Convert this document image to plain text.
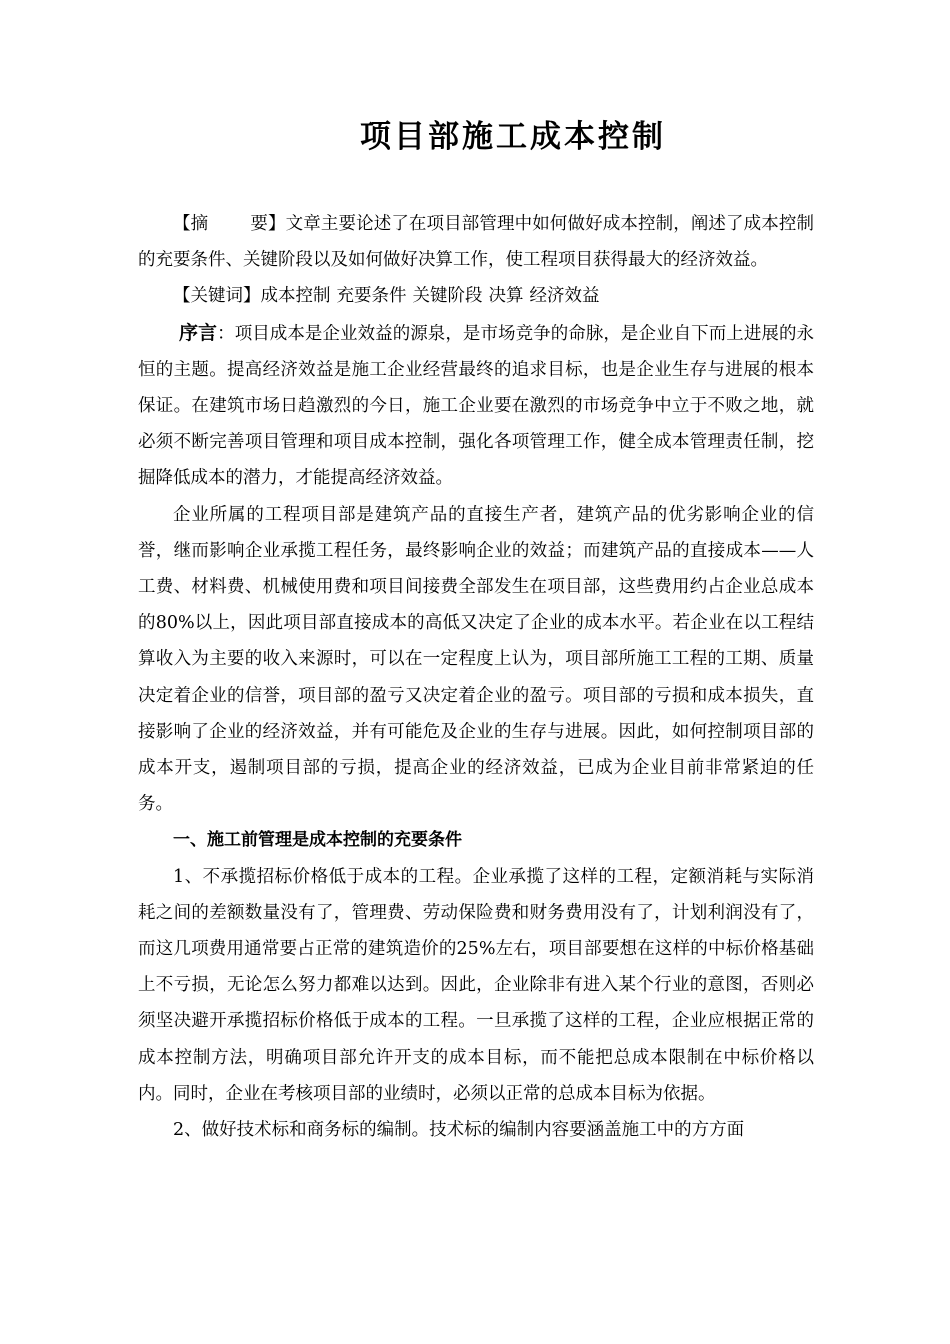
项目部施工成本控制

【摘 要】文章主要论述了在项目部管理中如何做好成本控制，阐述了成本控制的充要条件、关键阶段以及如何做好决算工作，使工程项目获得最大的经济效益。

【关键词】成本控制 充要条件 关键阶段 决算 经济效益

序言：项目成本是企业效益的源泉，是市场竞争的命脉，是企业自下而上进展的永恒的主题。提高经济效益是施工企业经营最终的追求目标，也是企业生存与进展的根本保证。在建筑市场日趋激烈的今日，施工企业要在激烈的市场竞争中立于不败之地，就必须不断完善项目管理和项目成本控制，强化各项管理工作，健全成本管理责任制，挖掘降低成本的潜力，才能提高经济效益。

企业所属的工程项目部是建筑产品的直接生产者，建筑产品的优劣影响企业的信誉，继而影响企业承揽工程任务，最终影响企业的效益；而建筑产品的直接成本——人工费、材料费、机械使用费和项目间接费全部发生在项目部，这些费用约占企业总成本的80%以上，因此项目部直接成本的高低又决定了企业的成本水平。若企业在以工程结算收入为主要的收入来源时，可以在一定程度上认为，项目部所施工工程的工期、质量决定着企业的信誉，项目部的盈亏又决定着企业的盈亏。项目部的亏损和成本损失，直接影响了企业的经济效益，并有可能危及企业的生存与进展。因此，如何控制项目部的成本开支，遏制项目部的亏损，提高企业的经济效益，已成为企业目前非常紧迫的任务。

一、施工前管理是成本控制的充要条件

1、不承揽招标价格低于成本的工程。企业承揽了这样的工程，定额消耗与实际消耗之间的差额数量没有了，管理费、劳动保险费和财务费用没有了，计划利润没有了，而这几项费用通常要占正常的建筑造价的25%左右，项目部要想在这样的中标价格基础上不亏损，无论怎么努力都难以达到。因此，企业除非有进入某个行业的意图，否则必须坚决避开承揽招标价格低于成本的工程。一旦承揽了这样的工程，企业应根据正常的成本控制方法，明确项目部允许开支的成本目标，而不能把总成本限制在中标价格以内。同时，企业在考核项目部的业绩时，必须以正常的总成本目标为依据。

2、做好技术标和商务标的编制。技术标的编制内容要涵盖施工中的方方面
